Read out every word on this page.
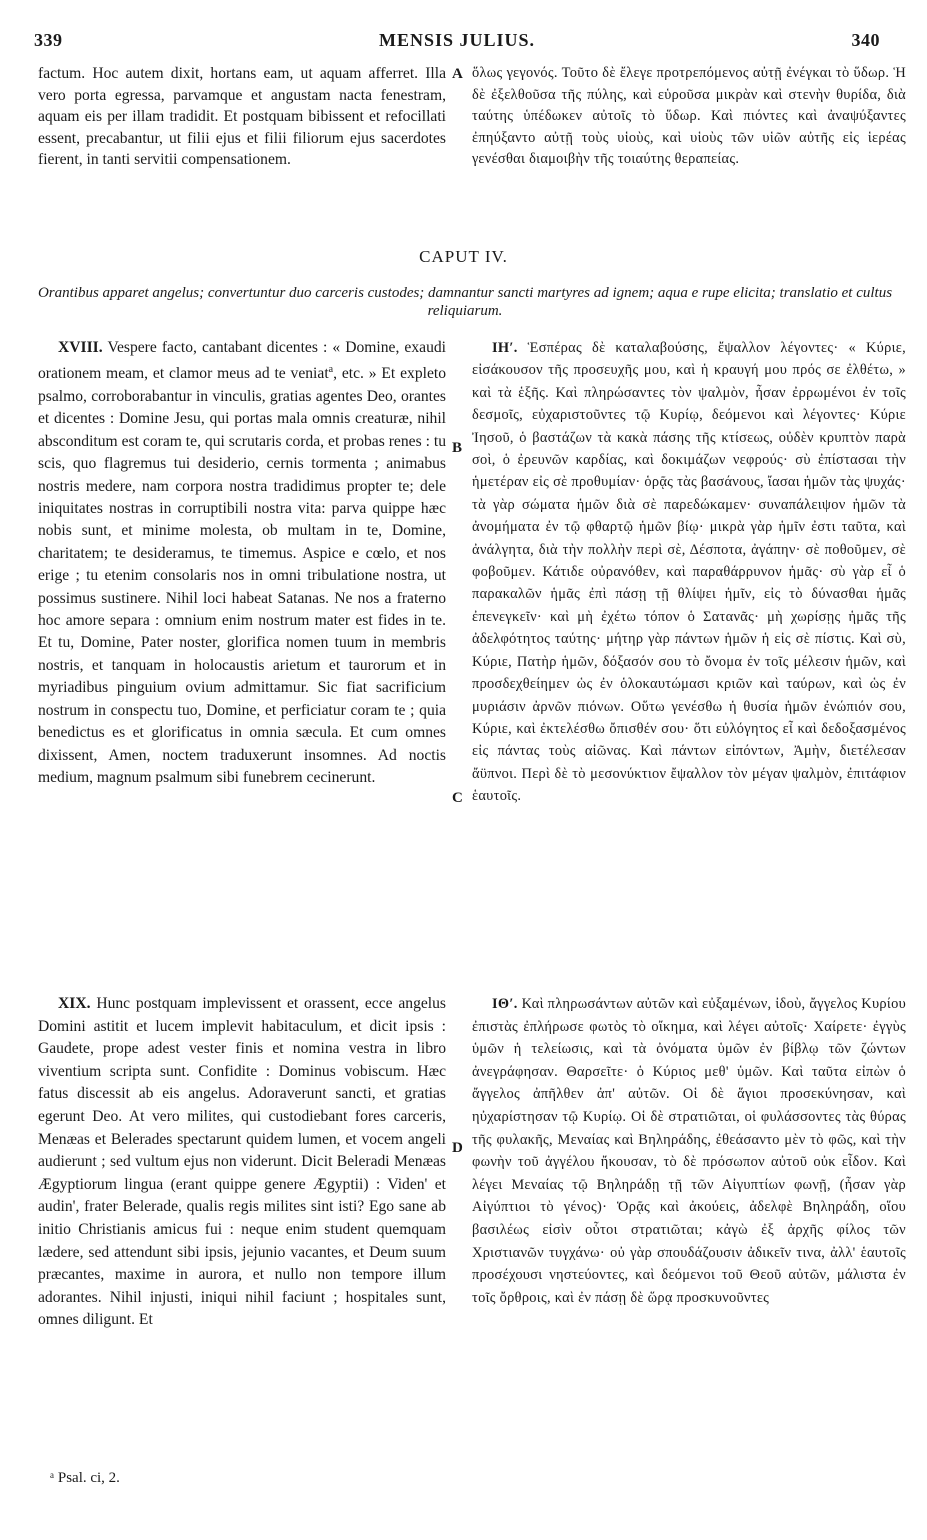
339	MENSIS JULIUS.	340
factum. Hoc autem dixit, hortans eam, ut aquam afferret. Illa vero porta egressa, parvamque et angustam nacta fenestram, aquam eis per illam tradidit. Et postquam bibissent et refocillati essent, precabantur, ut filii ejus et filii filiorum ejus sacerdotes fierent, in tanti servitii compensationem.
ὅλως γεγονός. Τοῦτο δὲ ἔλεγε προτρεπόμενος αὐτῇ ἐνέγκαι τὸ ὕδωρ. Ἡ δὲ ἐξελθοῦσα τῆς πύλης, καὶ εὑροῦσα μικρὰν καὶ στενὴν θυρίδα, διὰ ταύτης ὑπέδωκεν αὐτοῖς τὸ ὕδωρ. Καὶ πιόντες καὶ ἀναψύξαντες ἐπηύξαντο αὐτῇ τοὺς υἱοὺς, καὶ υἱοὺς τῶν υἱῶν αὐτῆς εἰς ἱερέας γενέσθαι διαμοιβὴν τῆς τοιαύτης θεραπείας.
A
CAPUT IV.
Orantibus apparet angelus; convertuntur duo carceris custodes; damnantur sancti martyres ad ignem; aqua e rupe elicita; translatio et cultus reliquiarum.
XVIII. Vespere facto, cantabant dicentes : « Domine, exaudi orationem meam, et clamor meus ad te veniat$^a$, etc. » Et expleto psalmo, corroborabantur in vinculis, gratias agentes Deo, orantes et dicentes : Domine Jesu, qui portas mala omnis creaturæ, nihil absconditum est coram te, qui scrutaris corda, et probas renes : tu scis, quo flagremus tui desiderio, cernis tormenta ; animabus nostris medere, nam corpora nostra tradidimus propter te; dele iniquitates nostras in corruptibili nostra vita: parva quippe hæc nobis sunt, et minime molesta, ob multam in te, Domine, charitatem; te desideramus, te timemus. Aspice e cœlo, et nos erige ; tu etenim consolaris nos in omni tribulatione nostra, ut possimus sustinere. Nihil loci habeat Satanas. Ne nos a fraterno hoc amore separa : omnium enim nostrum mater est fides in te. Et tu, Domine, Pater noster, glorifica nomen tuum in membris nostris, et tanquam in holocaustis arietum et taurorum et in myriadibus pinguium ovium admittamur. Sic fiat sacrificium nostrum in conspectu tuo, Domine, et perficiatur coram te ; quia benedictus es et glorificatus in omnia sæcula. Et cum omnes dixissent, Amen, noctem traduxerunt insomnes. Ad noctis medium, magnum psalmum sibi funebrem cecinerunt.
ΙΗʹ. Ἑσπέρας δὲ καταλαβούσης, ἔψαλλον λέγοντες· « Κύριε, εἰσάκουσον τῆς προσευχῆς μου, καὶ ἡ κραυγή μου πρός σε ἐλθέτω, » καὶ τὰ ἑξῆς. Καὶ πληρώσαντες τὸν ψαλμὸν, ἦσαν ἐρρωμένοι ἐν τοῖς δεσμοῖς, εὐχαριστοῦντες τῷ Κυρίῳ, δεόμενοι καὶ λέγοντες· Κύριε Ἰησοῦ, ὁ βαστάζων τὰ κακὰ πάσης τῆς κτίσεως, οὐδὲν κρυπτὸν παρὰ σοὶ, ὁ ἐρευνῶν καρδίας, καὶ δοκιμάζων νεφρούς· σὺ ἐπίστασαι τὴν ἡμετέραν εἰς σὲ προθυμίαν· ὁρᾷς τὰς βασάνους, ἴασαι ἡμῶν τὰς ψυχάς· τὰ γὰρ σώματα ἡμῶν διὰ σὲ παρεδώκαμεν· συναπάλειψον ἡμῶν τὰ ἀνομήματα ἐν τῷ φθαρτῷ ἡμῶν βίῳ· μικρὰ γὰρ ἡμῖν ἐστι ταῦτα, καὶ ἀνάλγητα, διὰ τὴν πολλὴν περὶ σὲ, Δέσποτα, ἀγάπην· σὲ ποθοῦμεν, σὲ φοβοῦμεν. Κάτιδε οὐρανόθεν, καὶ παραθάρρυνον ἡμᾶς· σὺ γὰρ εἶ ὁ παρακαλῶν ἡμᾶς ἐπὶ πάσῃ τῇ θλίψει ἡμῖν, εἰς τὸ δύνασθαι ἡμᾶς ἐπενεγκεῖν· καὶ μὴ ἐχέτω τόπον ὁ Σατανᾶς· μὴ χωρίσῃς ἡμᾶς τῆς ἀδελφότητος ταύτης· μήτηρ γὰρ πάντων ἡμῶν ἡ εἰς σὲ πίστις. Καὶ σὺ, Κύριε, Πατὴρ ἡμῶν, δόξασόν σου τὸ ὄνομα ἐν τοῖς μέλεσιν ἡμῶν, καὶ προσδεχθείημεν ὡς ἐν ὁλοκαυτώμασι κριῶν καὶ ταύρων, καὶ ὡς ἐν μυριάσιν ἀρνῶν πιόνων. Οὕτω γενέσθω ἡ θυσία ἡμῶν ἐνώπιόν σου, Κύριε, καὶ ἐκτελέσθω ὄπισθέν σου· ὅτι εὐλόγητος εἶ καὶ δεδοξασμένος εἰς πάντας τοὺς αἰῶνας. Καὶ πάντων εἰπόντων, Ἀμὴν, διετέλεσαν ἄϋπνοι. Περὶ δὲ τὸ μεσονύκτιον ἔψαλλον τὸν μέγαν ψαλμὸν, ἐπιτάφιον ἑαυτοῖς.
B
C
XIX. Hunc postquam implevissent et orassent, ecce angelus Domini astitit et lucem implevit habitaculum, et dicit ipsis : Gaudete, prope adest vester finis et nomina vestra in libro viventium scripta sunt. Confidite : Dominus vobiscum. Hæc fatus discessit ab eis angelus. Adoraverunt sancti, et gratias egerunt Deo. At vero milites, qui custodiebant fores carceris, Menæas et Belerades spectarunt quidem lumen, et vocem angeli audierunt ; sed vultum ejus non viderunt. Dicit Beleradi Menæas Ægyptiorum lingua (erant quippe genere Ægyptii) : Viden' et audin', frater Belerade, qualis regis milites sint isti? Ego sane ab initio Christianis amicus fui : neque enim student quemquam lædere, sed attendunt sibi ipsis, jejunio vacantes, et Deum suum præcantes, maxime in aurora, et nullo non tempore illum adorantes. Nihil injusti, iniqui nihil faciunt ; hospitales sunt, omnes diligunt. Et
ΙΘʹ. Καὶ πληρωσάντων αὐτῶν καὶ εὐξαμένων, ἰδοὺ, ἄγγελος Κυρίου ἐπιστὰς ἐπλήρωσε φωτὸς τὸ οἴκημα, καὶ λέγει αὐτοῖς· Χαίρετε· ἐγγὺς ὑμῶν ἡ τελείωσις, καὶ τὰ ὀνόματα ὑμῶν ἐν βίβλῳ τῶν ζώντων ἀνεγράφησαν. Θαρσεῖτε· ὁ Κύριος μεθ' ὑμῶν. Καὶ ταῦτα εἰπὼν ὁ ἄγγελος ἀπῆλθεν ἀπ' αὐτῶν. Οἱ δὲ ἅγιοι προσεκύνησαν, καὶ ηὐχαρίστησαν τῷ Κυρίῳ. Οἱ δὲ στρατιῶται, οἱ φυλάσσοντες τὰς θύρας τῆς φυλακῆς, Μεναίας καὶ Βηληράδης, ἐθεάσαντο μὲν τὸ φῶς, καὶ τὴν φωνὴν τοῦ ἀγγέλου ἤκουσαν, τὸ δὲ πρόσωπον αὐτοῦ οὐκ εἶδον. Καὶ λέγει Μεναίας τῷ Βηληράδῃ τῇ τῶν Αἰγυπτίων φωνῇ, (ἦσαν γὰρ Αἰγύπτιοι τὸ γένος)· Ὁρᾷς καὶ ἀκούεις, ἀδελφὲ Βηληράδη, οἵου βασιλέως εἰσὶν οὗτοι στρατιῶται; κἀγὼ ἐξ ἀρχῆς φίλος τῶν Χριστιανῶν τυγχάνω· οὐ γὰρ σπουδάζουσιν ἀδικεῖν τινα, ἀλλ' ἑαυτοῖς προσέχουσι νηστεύοντες, καὶ δεόμενοι τοῦ Θεοῦ αὐτῶν, μάλιστα ἐν τοῖς ὄρθροις, καὶ ἐν πάσῃ δὲ ὥρᾳ προσκυνοῦντες
D
ᵃ Psal. ci, 2.
